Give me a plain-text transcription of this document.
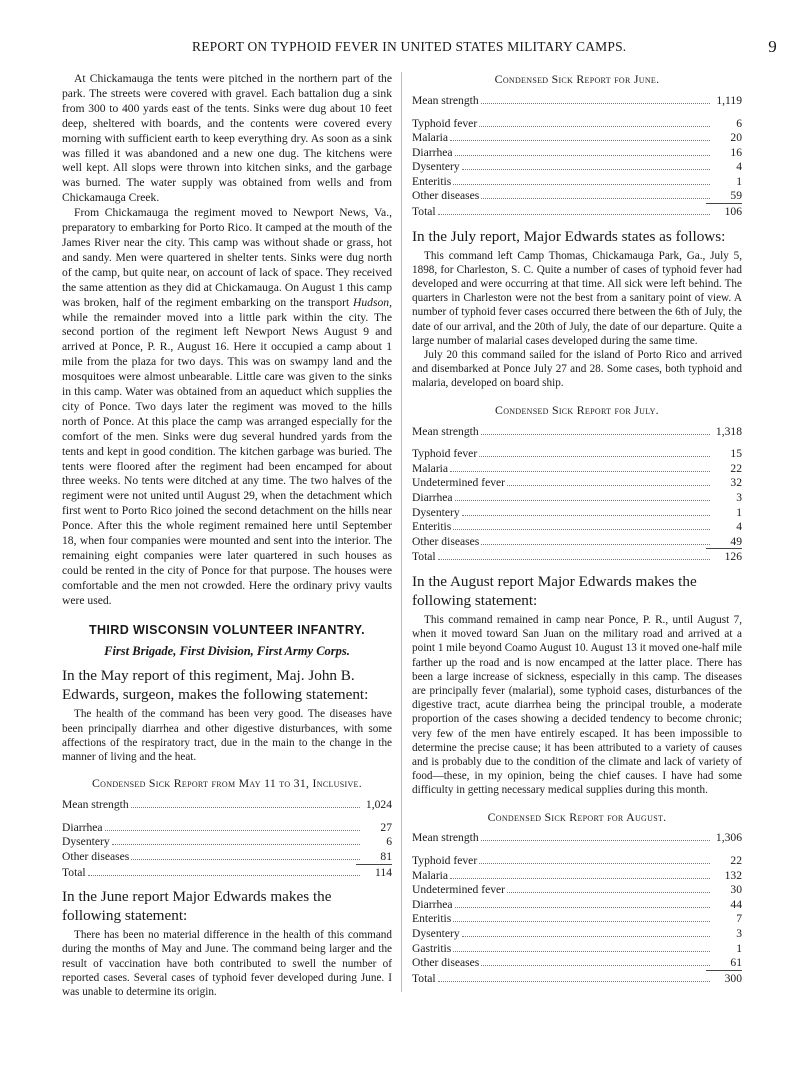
REPORT ON TYPHOID FEVER IN UNITED STATES MILITARY CAMPS.	9

At Chickamauga the tents were pitched in the northern part of the park. The streets were covered with gravel. Each battalion dug a sink from 300 to 400 yards east of the tents. Sinks were dug about 10 feet deep, sheltered with boards, and the contents were covered every morning with sufficient earth to keep everything dry. As soon as a sink was filled it was abandoned and a new one dug. The kitchens were well kept. All slops were thrown into kitchen sinks, and the garbage was burned. The water supply was obtained from wells and from Chickamauga Creek.

From Chickamauga the regiment moved to Newport News, Va., preparatory to embarking for Porto Rico. It camped at the mouth of the James River near the city. This camp was without shade or grass, hot and sandy. Men were quartered in shelter tents. Sinks were dug north of the camp, but quite near, on account of lack of space. They received the same attention as they did at Chickamauga. On August 1 this camp was broken, half of the regiment embarking on the transport Hudson, while the remainder moved into a little park within the city. The second portion of the regiment left Newport News August 9 and arrived at Ponce, P. R., August 16. Here it occupied a camp about 1 mile from the plaza for two days. This was on swampy land and the mosquitoes were almost unbearable. Little care was given to the sinks in this camp. Water was obtained from an aqueduct which supplies the city of Ponce. Two days later the regiment was moved to the hills north of Ponce. At this place the camp was arranged especially for the comfort of the men. Sinks were dug several hundred yards from the tents and kept in good condition. The kitchen garbage was buried. The tents were floored after the regiment had been encamped for about three weeks. No tents were ditched at any time. The two halves of the regiment were not united until August 29, when the detachment which first went to Porto Rico joined the second detachment on the hills near Ponce. After this the whole regiment remained here until September 18, when four companies were mounted and sent into the interior. The remaining eight companies were later quartered in such houses as could be rented in the city of Ponce for that purpose. The houses were comfortable and the men not crowded. Here the ordinary privy vaults were used.

THIRD WISCONSIN VOLUNTEER INFANTRY.
First Brigade, First Division, First Army Corps.

In the May report of this regiment, Maj. John B. Edwards, surgeon, makes the following statement:

The health of the command has been very good. The diseases have been principally diarrhea and other digestive disturbances, with some affections of the respiratory tract, due in the main to the change in the manner of living and the heat.

Condensed Sick Report from May 11 to 31, Inclusive.
Mean strength	1,024
Diarrhea	27
Dysentery	6
Other diseases	81
Total	114

In the June report Major Edwards makes the following statement:

There has been no material difference in the health of this command during the months of May and June. The command being larger and the result of vaccination have both contributed to swell the number of reported cases. Several cases of typhoid fever developed during June. I was unable to determine its origin.

Condensed Sick Report for June.
Mean strength	1,119
Typhoid fever	6
Malaria	20
Diarrhea	16
Dysentery	4
Enteritis	1
Other diseases	59
Total	106

In the July report, Major Edwards states as follows:

This command left Camp Thomas, Chickamauga Park, Ga., July 5, 1898, for Charleston, S. C. Quite a number of cases of typhoid fever had developed and were occurring at that time. All sick were left behind. The quarters in Charleston were not the best from a sanitary point of view. A number of typhoid fever cases occurred there between the 6th of July, the date of our arrival, and the 20th of July, the date of our departure. Quite a large number of malarial cases developed during the same time.

July 20 this command sailed for the island of Porto Rico and arrived and disembarked at Ponce July 27 and 28. Some cases, both typhoid and malaria, developed on board ship.

Condensed Sick Report for July.
Mean strength	1,318
Typhoid fever	15
Malaria	22
Undetermined fever	32
Diarrhea	3
Dysentery	1
Enteritis	4
Other diseases	49
Total	126

In the August report Major Edwards makes the following statement:

This command remained in camp near Ponce, P. R., until August 7, when it moved toward San Juan on the military road and arrived at a point 1 mile beyond Coamo August 10. August 13 it moved one-half mile farther up the road and is now encamped at the latter place. There has been a large increase of sickness, especially in this camp. The diseases are principally fever (malarial), some typhoid cases, disturbances of the digestive tract, acute diarrhea being the principal trouble, a moderate proportion of the cases showing a decided tendency to become chronic; very few of the men have entirely escaped. It has been impossible to determine the precise cause; it has been attributed to a variety of causes and is probably due to the condition of the climate and lack of variety of food—these, in my opinion, being the chief causes. I have had some difficulty in getting necessary medical supplies during this month.

Condensed Sick Report for August.
Mean strength	1,306
Typhoid fever	22
Malaria	132
Undetermined fever	30
Diarrhea	44
Enteritis	7
Dysentery	3
Gastritis	1
Other diseases	61
Total	300
